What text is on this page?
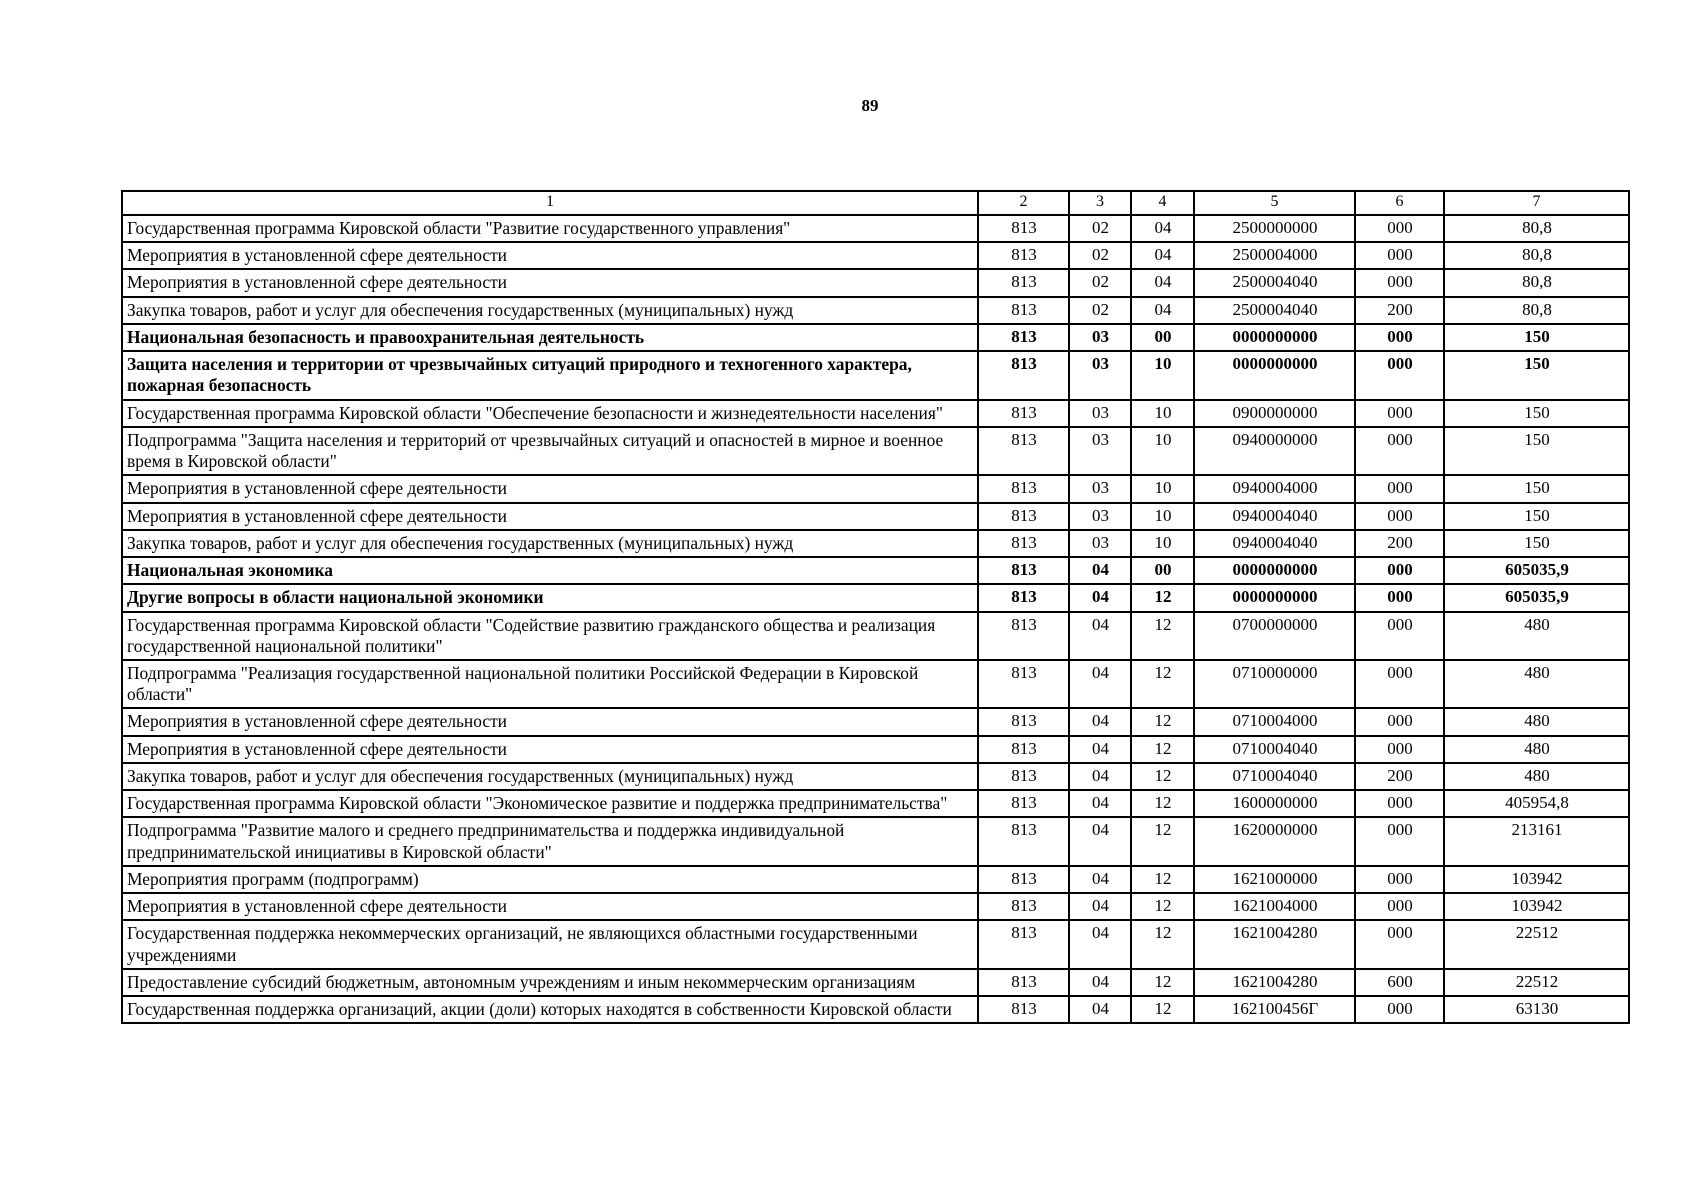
89
1	2	3	4	5	6	7
Государственная программа Кировской области "Развитие государственного управления"	813	02	04	2500000000	000	80,8
Мероприятия в установленной сфере деятельности	813	02	04	2500004000	000	80,8
Мероприятия в установленной сфере деятельности	813	02	04	2500004040	000	80,8
Закупка товаров, работ и услуг для обеспечения государственных (муниципальных) нужд	813	02	04	2500004040	200	80,8
Национальная безопасность и правоохранительная деятельность	813	03	00	0000000000	000	150
Защита населения и территории от чрезвычайных ситуаций природного и техногенного характера, пожарная безопасность	813	03	10	0000000000	000	150
Государственная программа Кировской области "Обеспечение безопасности и жизнедеятельности населения"	813	03	10	0900000000	000	150
Подпрограмма "Защита населения и территорий от чрезвычайных ситуаций и опасностей в мирное и военное время в Кировской области"	813	03	10	0940000000	000	150
Мероприятия в установленной сфере деятельности	813	03	10	0940004000	000	150
Мероприятия в установленной сфере деятельности	813	03	10	0940004040	000	150
Закупка товаров, работ и услуг для обеспечения государственных (муниципальных) нужд	813	03	10	0940004040	200	150
Национальная экономика	813	04	00	0000000000	000	605035,9
Другие вопросы в области национальной экономики	813	04	12	0000000000	000	605035,9
Государственная программа Кировской области "Содействие развитию гражданского общества и реализация государственной национальной политики"	813	04	12	0700000000	000	480
Подпрограмма "Реализация государственной национальной политики Российской Федерации в Кировской области"	813	04	12	0710000000	000	480
Мероприятия в установленной сфере деятельности	813	04	12	0710004000	000	480
Мероприятия в установленной сфере деятельности	813	04	12	0710004040	000	480
Закупка товаров, работ и услуг для обеспечения государственных (муниципальных) нужд	813	04	12	0710004040	200	480
Государственная программа Кировской области "Экономическое развитие и поддержка предпринимательства"	813	04	12	1600000000	000	405954,8
Подпрограмма "Развитие малого и среднего предпринимательства и поддержка индивидуальной предпринимательской инициативы в Кировской области"	813	04	12	1620000000	000	213161
Мероприятия программ (подпрограмм)	813	04	12	1621000000	000	103942
Мероприятия в установленной сфере деятельности	813	04	12	1621004000	000	103942
Государственная поддержка некоммерческих организаций, не являющихся областными государственными учреждениями	813	04	12	1621004280	000	22512
Предоставление субсидий бюджетным, автономным учреждениям и иным некоммерческим организациям	813	04	12	1621004280	600	22512
Государственная поддержка организаций, акции (доли) которых находятся в собственности Кировской области	813	04	12	162100456Г	000	63130
